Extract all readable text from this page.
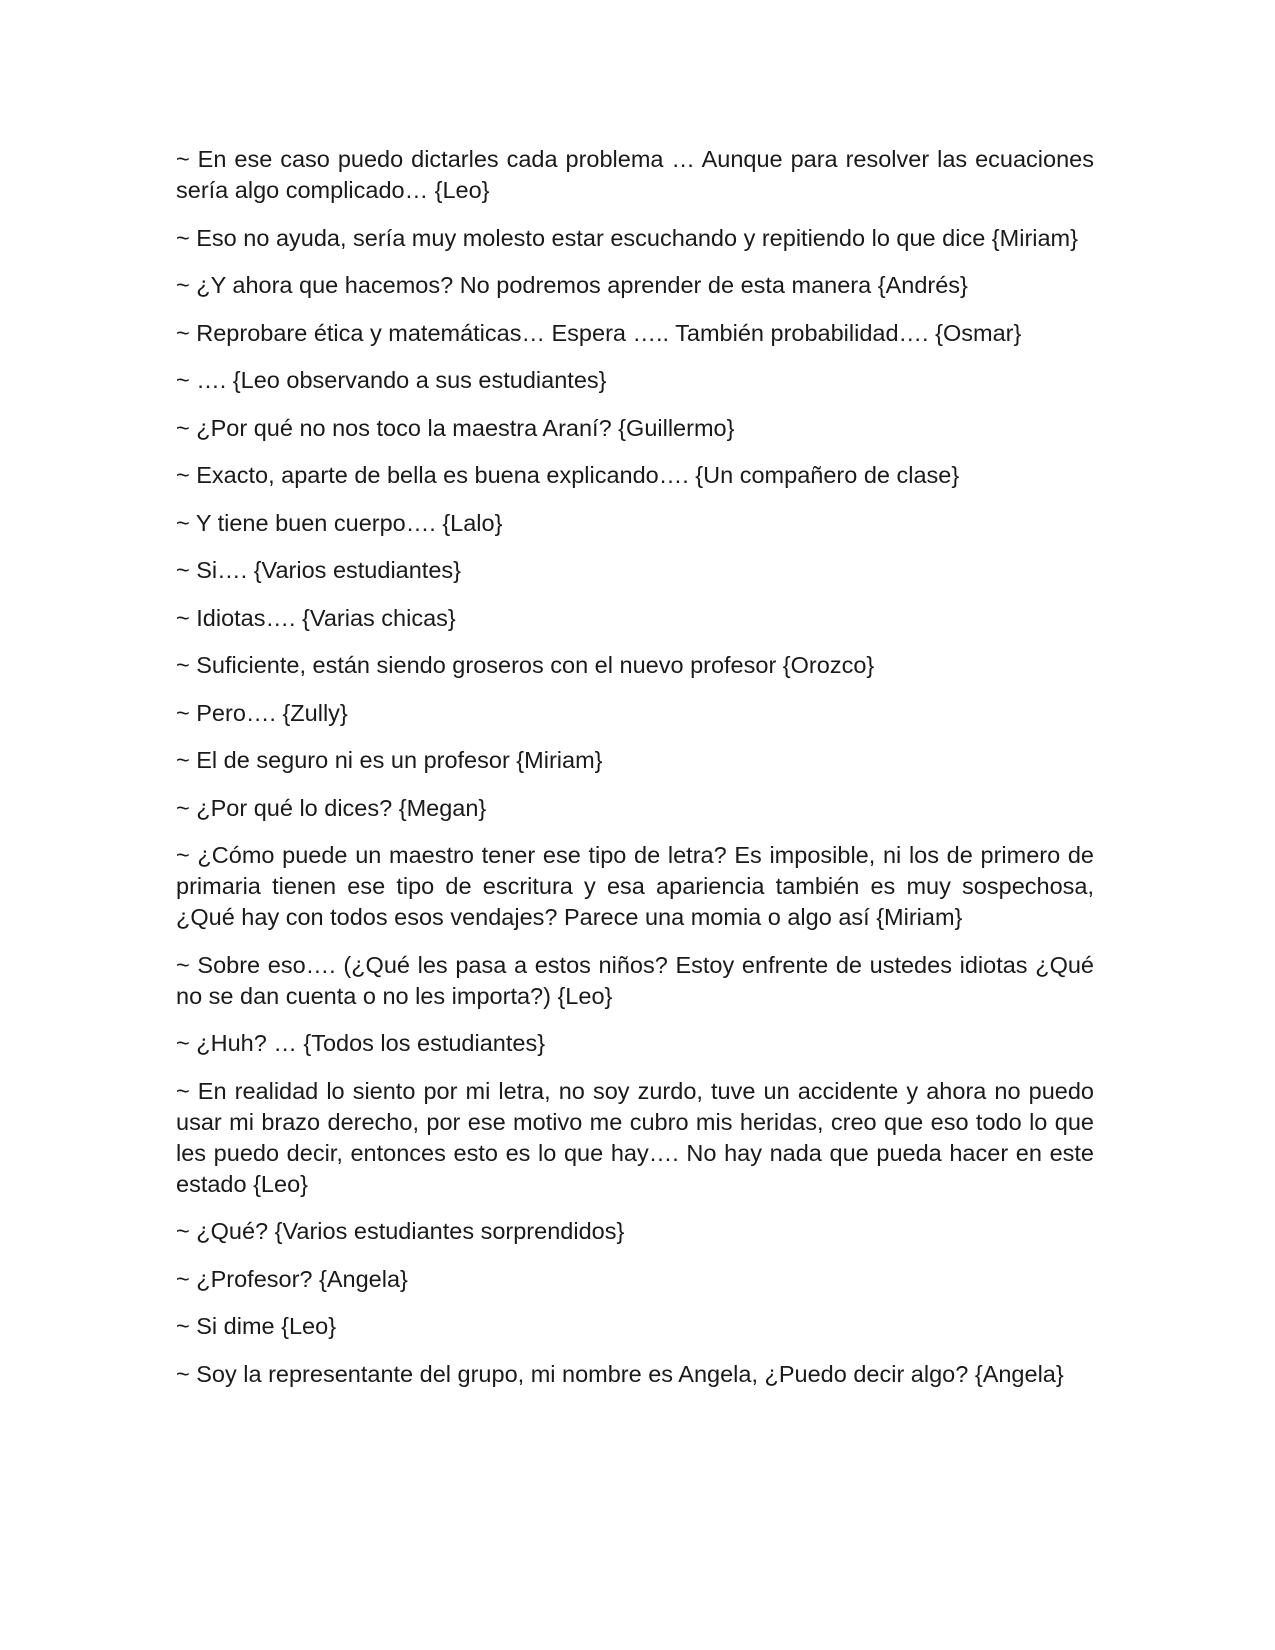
~ En ese caso puedo dictarles cada problema … Aunque para resolver las ecuaciones sería algo complicado… {Leo}

~ Eso no ayuda, sería muy molesto estar escuchando y repitiendo lo que dice {Miriam}

~ ¿Y ahora que hacemos? No podremos aprender de esta manera {Andrés}

~ Reprobare ética y matemáticas… Espera ….. También probabilidad…. {Osmar}

~ …. {Leo observando a sus estudiantes}

~ ¿Por qué no nos toco la maestra Araní? {Guillermo}

~ Exacto, aparte de bella es buena explicando…. {Un compañero de clase}

~ Y tiene buen cuerpo…. {Lalo}

~ Si…. {Varios estudiantes}

~ Idiotas…. {Varias chicas}

~ Suficiente, están siendo groseros con el nuevo profesor {Orozco}

~ Pero…. {Zully}

~ El de seguro ni es un profesor {Miriam}

~ ¿Por qué lo dices? {Megan}

~ ¿Cómo puede un maestro tener ese tipo de letra? Es imposible, ni los de primero de primaria tienen ese tipo de escritura y esa apariencia también es muy sospechosa, ¿Qué hay con todos esos vendajes? Parece una momia o algo así {Miriam}

~ Sobre eso…. (¿Qué les pasa a estos niños? Estoy enfrente de ustedes idiotas ¿Qué no se dan cuenta o no les importa?) {Leo}

~ ¿Huh? … {Todos los estudiantes}

~ En realidad lo siento por mi letra, no soy zurdo, tuve un accidente y ahora no puedo usar mi brazo derecho, por ese motivo me cubro mis heridas, creo que eso todo lo que les puedo decir, entonces esto es lo que hay…. No hay nada que pueda hacer en este estado {Leo}

~ ¿Qué? {Varios estudiantes sorprendidos}

~ ¿Profesor? {Angela}

~ Si dime {Leo}

~ Soy la representante del grupo, mi nombre es Angela, ¿Puedo decir algo? {Angela}
